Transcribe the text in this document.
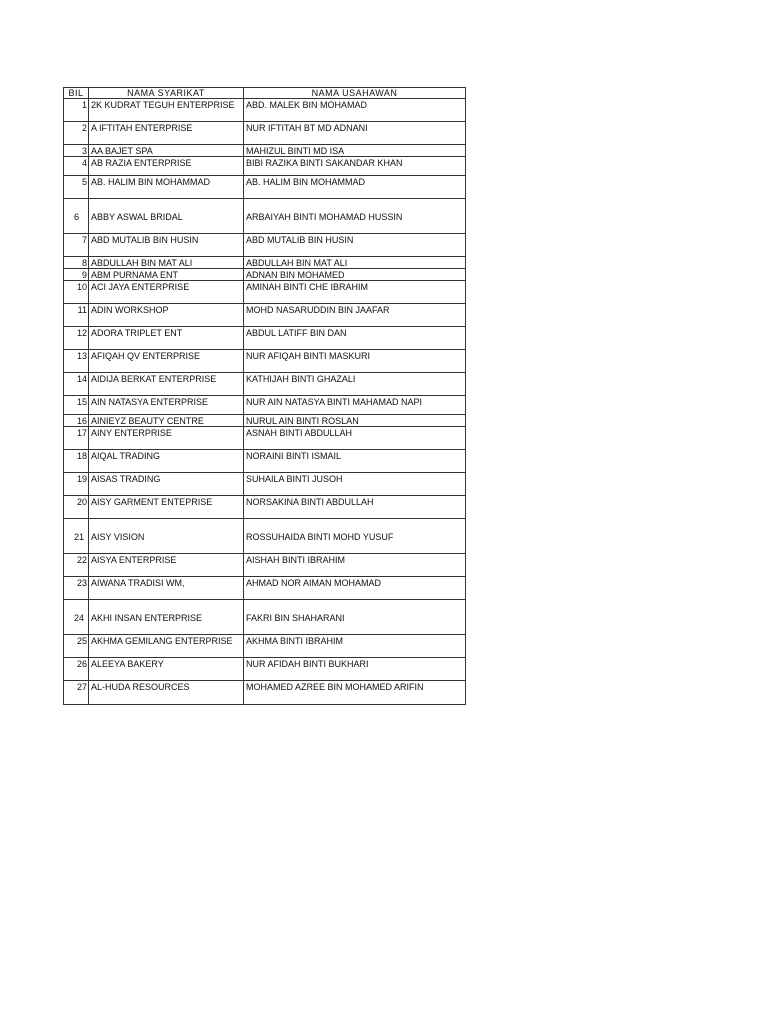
BIL	NAMA SYARIKAT	NAMA USAHAWAN
1	2K KUDRAT TEGUH ENTERPRISE	ABD. MALEK BIN MOHAMAD
2	A IFTITAH ENTERPRISE	NUR IFTITAH BT MD ADNANI
3	AA BAJET SPA	MAHIZUL BINTI MD ISA
4	AB RAZIA ENTERPRISE	BIBI RAZIKA BINTI SAKANDAR KHAN
5	AB. HALIM BIN MOHAMMAD	AB. HALIM BIN MOHAMMAD
6	ABBY ASWAL BRIDAL	ARBAIYAH BINTI MOHAMAD HUSSIN
7	ABD MUTALIB BIN HUSIN	ABD MUTALIB BIN HUSIN
8	ABDULLAH BIN MAT ALI	ABDULLAH BIN MAT ALI
9	ABM PURNAMA ENT	ADNAN BIN MOHAMED
10	ACI JAYA ENTERPRISE	AMINAH BINTI CHE IBRAHIM
11	ADIN WORKSHOP	MOHD NASARUDDIN BIN JAAFAR
12	ADORA TRIPLET ENT	ABDUL LATIFF BIN DAN
13	AFIQAH QV ENTERPRISE	NUR AFIQAH BINTI MASKURI
14	AIDIJA BERKAT ENTERPRISE	KATHIJAH BINTI GHAZALI
15	AIN NATASYA ENTERPRISE	NUR AIN NATASYA BINTI MAHAMAD NAPI
16	AINIEYZ BEAUTY CENTRE	NURUL AIN BINTI ROSLAN
17	AINY ENTERPRISE	ASNAH BINTI ABDULLAH
18	AIQAL TRADING	NORAINI BINTI ISMAIL
19	AISAS TRADING	SUHAILA BINTI JUSOH
20	AISY GARMENT ENTEPRISE	NORSAKINA BINTI ABDULLAH
21	AISY VISION	ROSSUHAIDA BINTI MOHD YUSUF
22	AISYA ENTERPRISE	AISHAH BINTI IBRAHIM
23	AIWANA TRADISI WM,	AHMAD NOR AIMAN MOHAMAD
24	AKHI INSAN ENTERPRISE	FAKRI BIN SHAHARANI
25	AKHMA GEMILANG ENTERPRISE	AKHMA BINTI IBRAHIM
26	ALEEYA BAKERY	NUR AFIDAH BINTI BUKHARI
27	AL-HUDA RESOURCES	MOHAMED AZREE BIN MOHAMED ARIFIN
